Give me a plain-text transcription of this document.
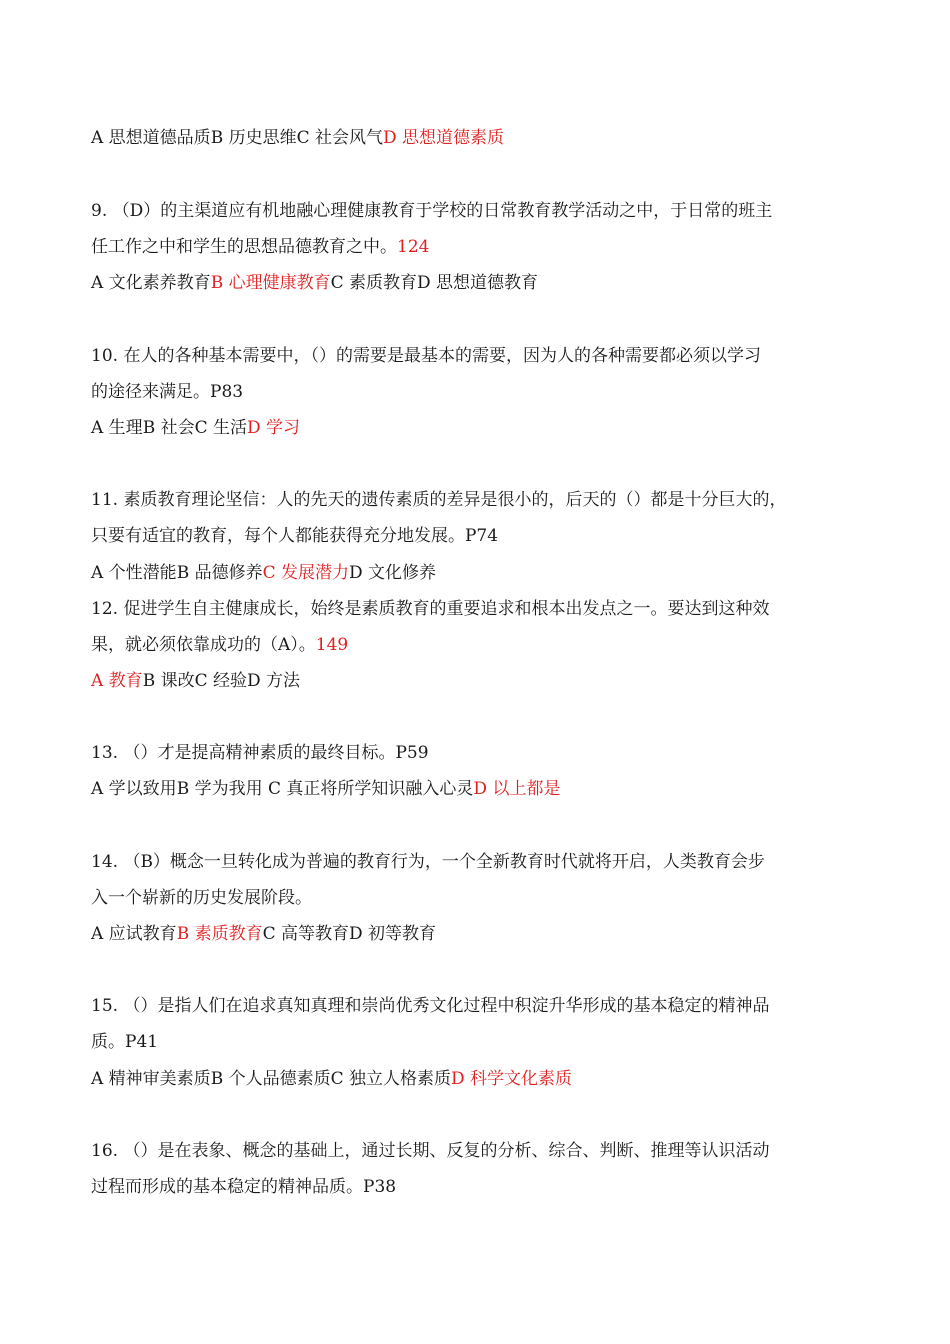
A 思想道德品质B 历史思维C 社会风气D 思想道德素质
9. （D）的主渠道应有机地融心理健康教育于学校的日常教育教学活动之中，于日常的班主
任工作之中和学生的思想品德教育之中。124
A 文化素养教育B 心理健康教育C 素质教育D 思想道德教育
10. 在人的各种基本需要中，（）的需要是最基本的需要，因为人的各种需要都必须以学习
的途径来满足。P83
A 生理B 社会C 生活D 学习
11. 素质教育理论坚信：人的先天的遗传素质的差异是很小的，后天的（）都是十分巨大的，
只要有适宜的教育，每个人都能获得充分地发展。P74
A 个性潜能B 品德修养C 发展潜力D 文化修养
12. 促进学生自主健康成长，始终是素质教育的重要追求和根本出发点之一。要达到这种效
果，就必须依靠成功的（A）。149
A 教育B 课改C 经验D 方法
13. （）才是提高精神素质的最终目标。P59
A 学以致用B 学为我用 C 真正将所学知识融入心灵D 以上都是
14. （B）概念一旦转化成为普遍的教育行为，一个全新教育时代就将开启，人类教育会步
入一个崭新的历史发展阶段。
A 应试教育B 素质教育C 高等教育D 初等教育
15. （）是指人们在追求真知真理和崇尚优秀文化过程中积淀升华形成的基本稳定的精神品
质。P41
A 精神审美素质B 个人品德素质C 独立人格素质D 科学文化素质
16. （）是在表象、概念的基础上，通过长期、反复的分析、综合、判断、推理等认识活动
过程而形成的基本稳定的精神品质。P38
